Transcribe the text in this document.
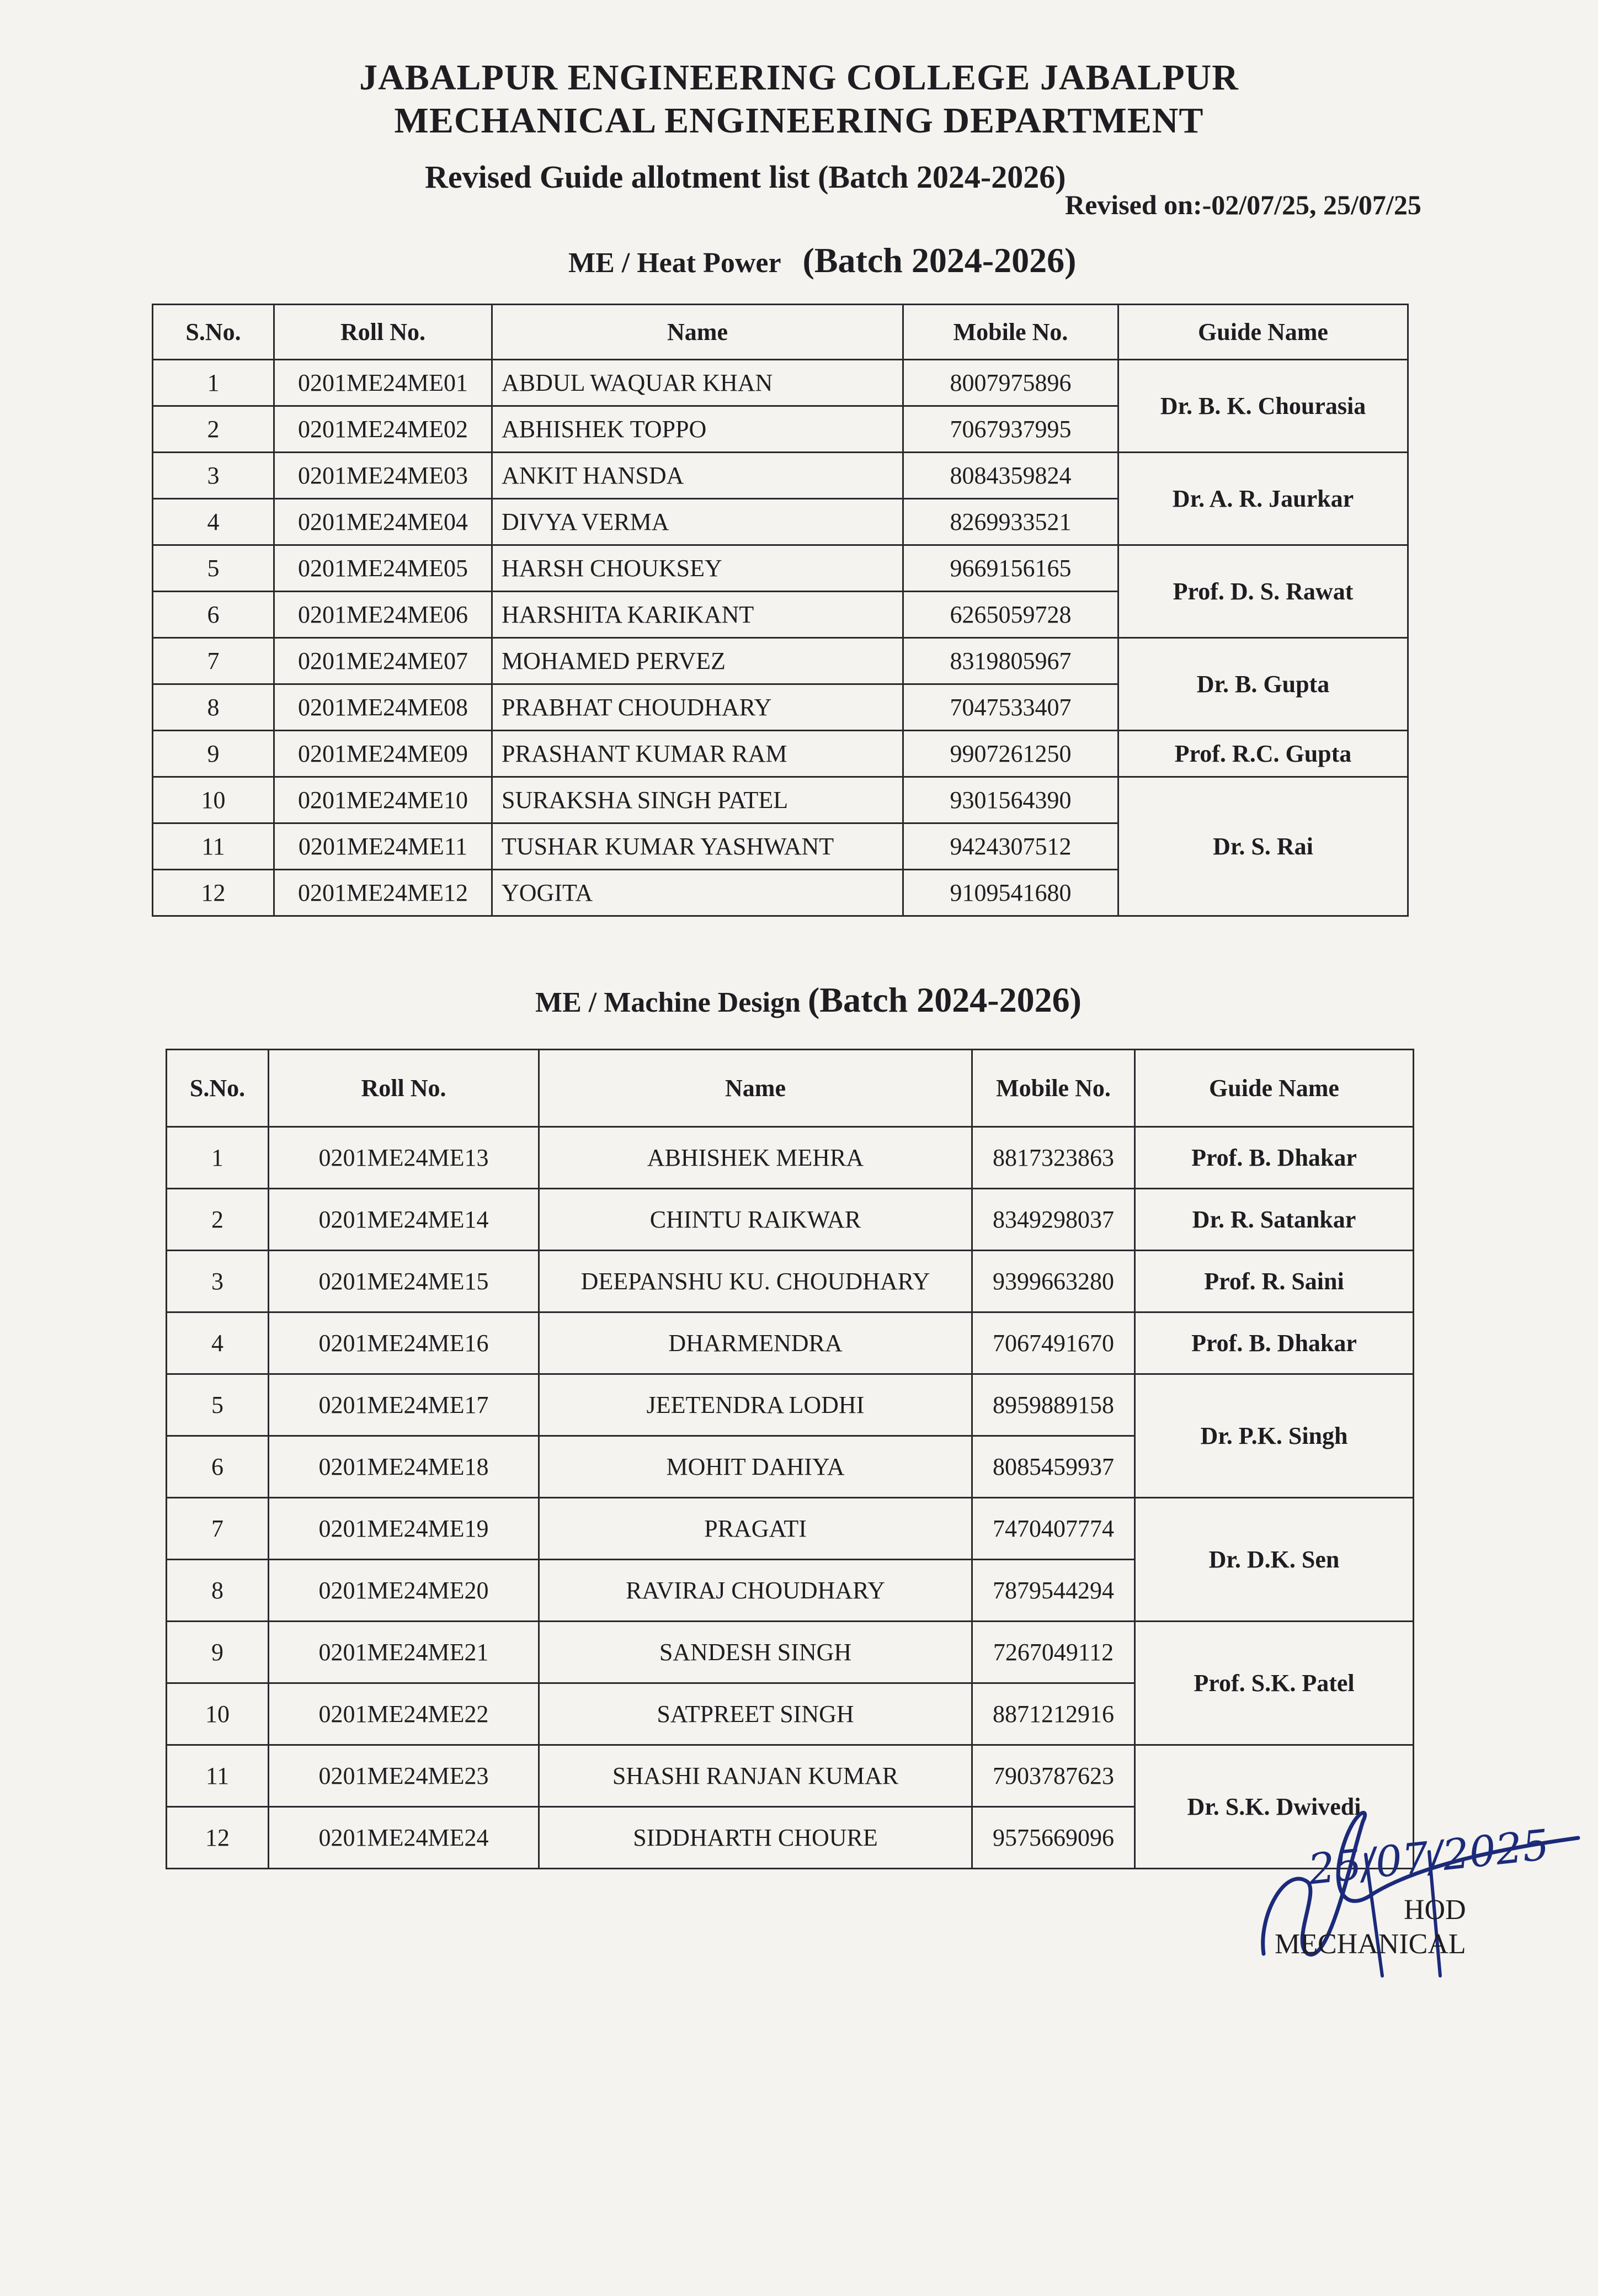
JABALPUR ENGINEERING COLLEGE JABALPUR
MECHANICAL ENGINEERING DEPARTMENT
Revised Guide allotment list (Batch 2024-2026)
Revised on:-02/07/25, 25/07/25
ME / Heat Power (Batch 2024-2026)
S.No.	Roll No.	Name	Mobile No.	Guide Name
1	0201ME24ME01	ABDUL WAQUAR KHAN	8007975896	Dr. B. K. Chourasia
2	0201ME24ME02	ABHISHEK TOPPO	7067937995	
3	0201ME24ME03	ANKIT HANSDA	8084359824	Dr. A. R. Jaurkar
4	0201ME24ME04	DIVYA VERMA	8269933521	
5	0201ME24ME05	HARSH CHOUKSEY	9669156165	Prof. D. S. Rawat
6	0201ME24ME06	HARSHITA KARIKANT	6265059728	
7	0201ME24ME07	MOHAMED PERVEZ	8319805967	Dr. B. Gupta
8	0201ME24ME08	PRABHAT CHOUDHARY	7047533407	
9	0201ME24ME09	PRASHANT KUMAR RAM	9907261250	Prof. R.C. Gupta
10	0201ME24ME10	SURAKSHA SINGH PATEL	9301564390	Dr. S. Rai
11	0201ME24ME11	TUSHAR KUMAR YASHWANT	9424307512	
12	0201ME24ME12	YOGITA	9109541680	
ME / Machine Design (Batch 2024-2026)
S.No.	Roll No.	Name	Mobile No.	Guide Name
1	0201ME24ME13	ABHISHEK MEHRA	8817323863	Prof. B. Dhakar
2	0201ME24ME14	CHINTU RAIKWAR	8349298037	Dr. R. Satankar
3	0201ME24ME15	DEEPANSHU KU. CHOUDHARY	9399663280	Prof. R. Saini
4	0201ME24ME16	DHARMENDRA	7067491670	Prof. B. Dhakar
5	0201ME24ME17	JEETENDRA LODHI	8959889158	Dr. P.K. Singh
6	0201ME24ME18	MOHIT DAHIYA	8085459937	
7	0201ME24ME19	PRAGATI	7470407774	Dr. D.K. Sen
8	0201ME24ME20	RAVIRAJ CHOUDHARY	7879544294	
9	0201ME24ME21	SANDESH SINGH	7267049112	Prof. S.K. Patel
10	0201ME24ME22	SATPREET SINGH	8871212916	
11	0201ME24ME23	SHASHI RANJAN KUMAR	7903787623	Dr. S.K. Dwivedi
12	0201ME24ME24	SIDDHARTH CHOURE	9575669096		25/07/2025
HOD
MECHANICAL
